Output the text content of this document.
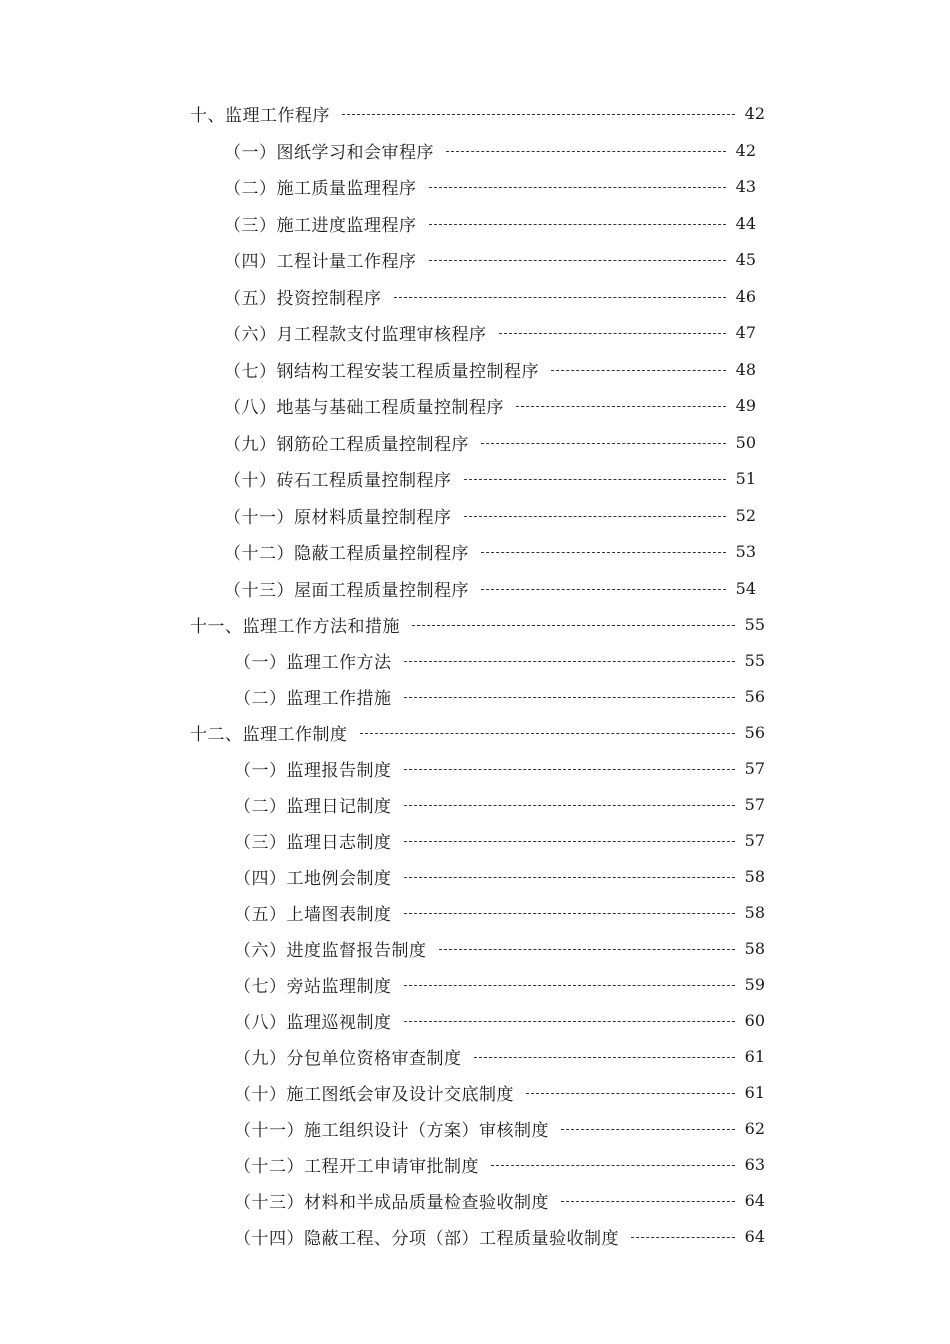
十、监理工作程序	42
（一）图纸学习和会审程序	42
（二）施工质量监理程序	43
（三）施工进度监理程序	44
（四）工程计量工作程序	45
（五）投资控制程序	46
（六）月工程款支付监理审核程序	47
（七）钢结构工程安装工程质量控制程序	48
（八）地基与基础工程质量控制程序	49
（九）钢筋砼工程质量控制程序	50
（十）砖石工程质量控制程序	51
（十一）原材料质量控制程序	52
（十二）隐蔽工程质量控制程序	53
（十三）屋面工程质量控制程序	54
十一、监理工作方法和措施	55
（一）监理工作方法	55
（二）监理工作措施	56
十二、监理工作制度	56
（一）监理报告制度	57
（二）监理日记制度	57
（三）监理日志制度	57
（四）工地例会制度	58
（五）上墙图表制度	58
（六）进度监督报告制度	58
（七）旁站监理制度	59
（八）监理巡视制度	60
（九）分包单位资格审查制度	61
（十）施工图纸会审及设计交底制度	61
（十一）施工组织设计（方案）审核制度	62
（十二）工程开工申请审批制度	63
（十三）材料和半成品质量检查验收制度	64
（十四）隐蔽工程、分项（部）工程质量验收制度	64
